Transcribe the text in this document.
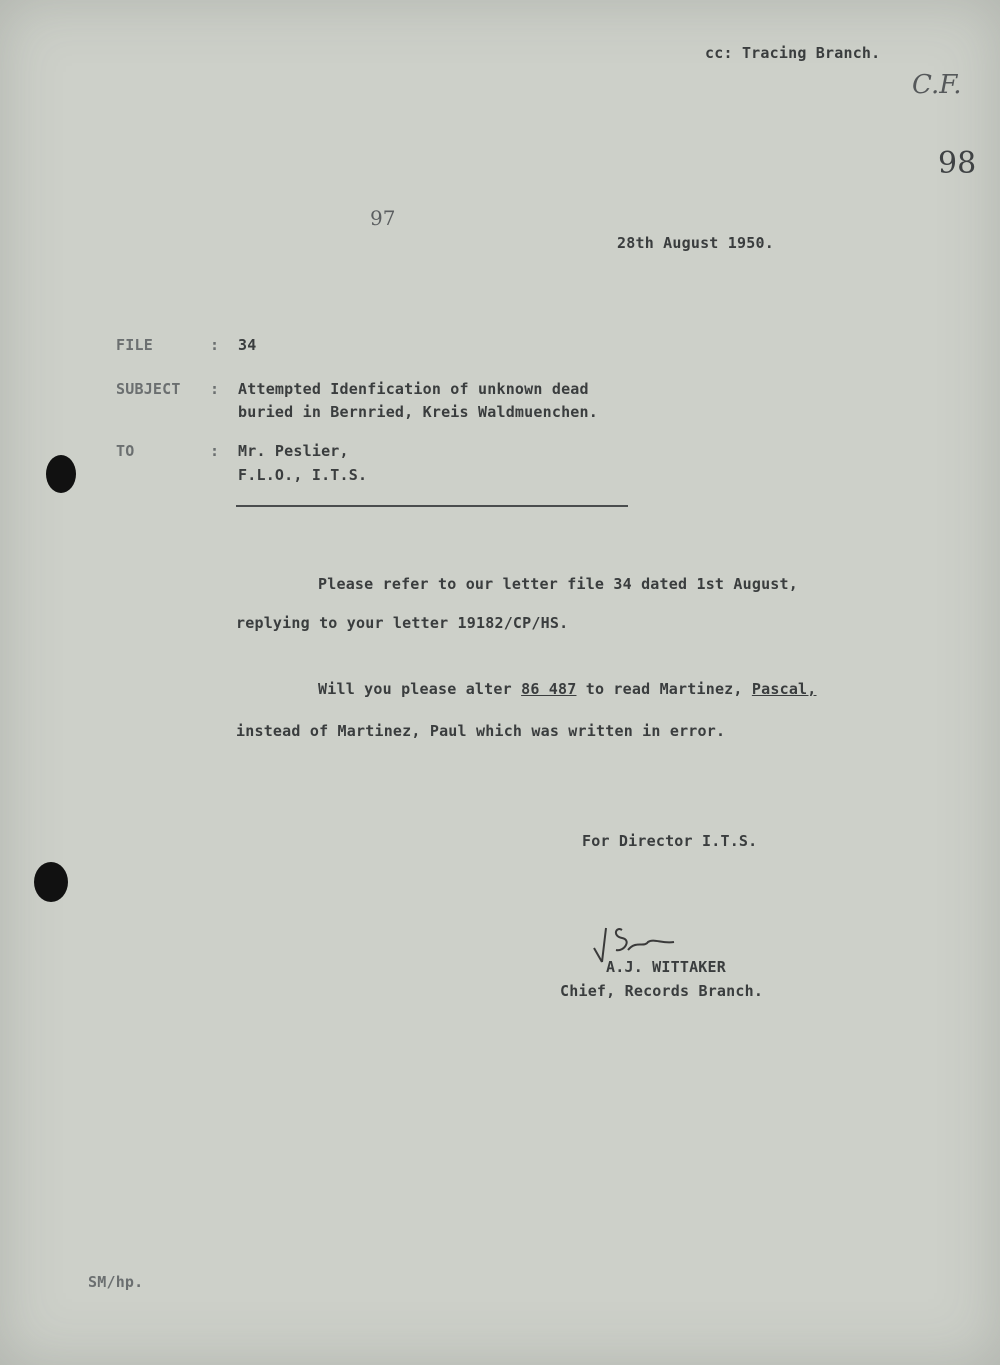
cc: Tracing Branch.
C.F.
98
97
28th August 1950.
FILE	: 34
SUBJECT : Attempted Idenfication of unknown dead
buried in Bernried, Kreis Waldmuenchen.
TO	: Mr. Peslier,
F.L.O., I.T.S.
Please refer to our letter file 34 dated 1st August,
replying to your letter 19182/CP/HS.
Will you please alter 86 487 to read Martinez, Pascal,
instead of Martinez, Paul which was written in error.
For Director I.T.S.
A.J. WITTAKER
Chief, Records Branch.
SM/hp.
